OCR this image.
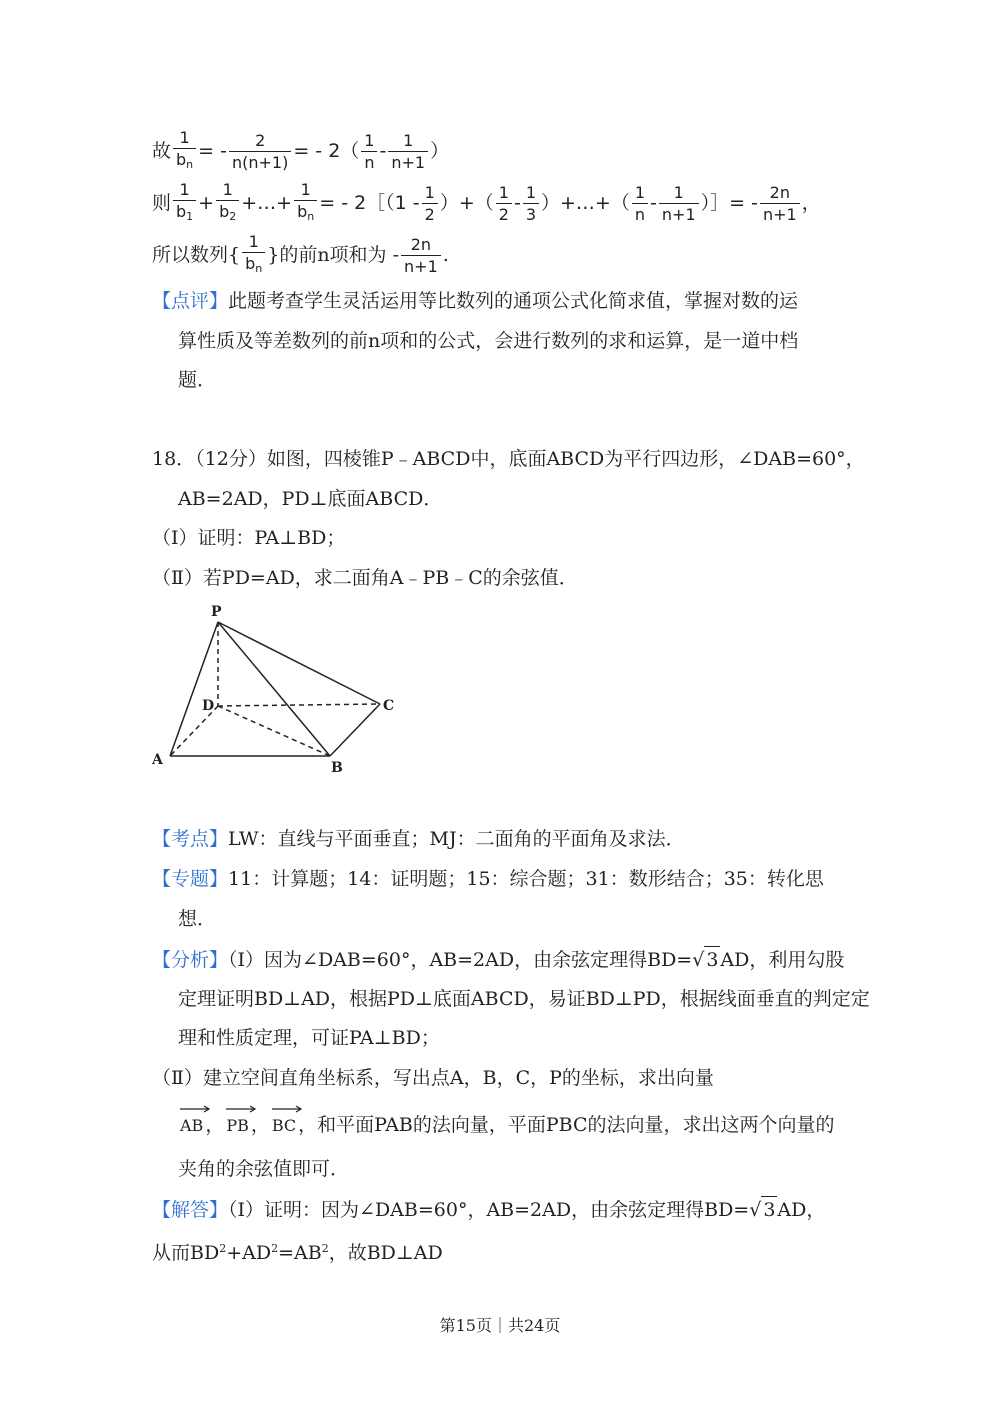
故 $\frac{1}{b_n}$ = - $\frac{2}{n(n+1)}$ = - $2( \frac{1}{n} - \frac{1}{n+1}$ ）
则 $\frac{1}{b_1} + \frac{1}{b_2}$ +…+ $\frac{1}{b_n}$ = - 2［（1 - $\frac{1}{2}$ ）+（ $\frac{1}{2} - \frac{1}{3}$ ）+…+（ $\frac{1}{n} - \frac{1}{n+1}$ ）］= - $\frac{2n}{n+1}$ ，
所以数列{ $\frac{1}{b_n}$ }的前n项和为 - $\frac{2n}{n+1}$ .
【点评】此题考查学生灵活运用等比数列的通项公式化简求值，掌握对数的运
算性质及等差数列的前n项和的公式，会进行数列的求和运算，是一道中档
题．
18．（12分）如图，四棱锥P﹣ABCD中，底面ABCD为平行四边形，∠DAB=60°，
AB=2AD，PD⊥底面ABCD．
（Ⅰ）证明：PA⊥BD；
（Ⅱ）若PD=AD，求二面角A﹣PB﹣C的余弦值．
P
D	C
A	B
【考点】LW：直线与平面垂直；MJ：二面角的平面角及求法．
【专题】11：计算题；14：证明题；15：综合题；31：数形结合；35：转化思
想．
【分析】（Ⅰ）因为∠DAB=60°，AB=2AD，由余弦定理得BD=√ 3 AD，利用勾股
定理证明BD⊥AD，根据PD⊥底面ABCD，易证BD⊥PD，根据线面垂直的判定定
理和性质定理，可证PA⊥BD；
（Ⅱ）建立空间直角坐标系，写出点A，B，C，P的坐标，求出向量
AB ， PB ， BC ，和平面PAB的法向量，平面PBC的法向量，求出这两个向量的
夹角的余弦值即可．
【解答】（Ⅰ）证明：因为∠DAB=60°，AB=2AD，由余弦定理得BD=√ 3 AD，
从而$BD^2+AD^2=AB^2$，故BD⊥AD
第15页｜共24页
